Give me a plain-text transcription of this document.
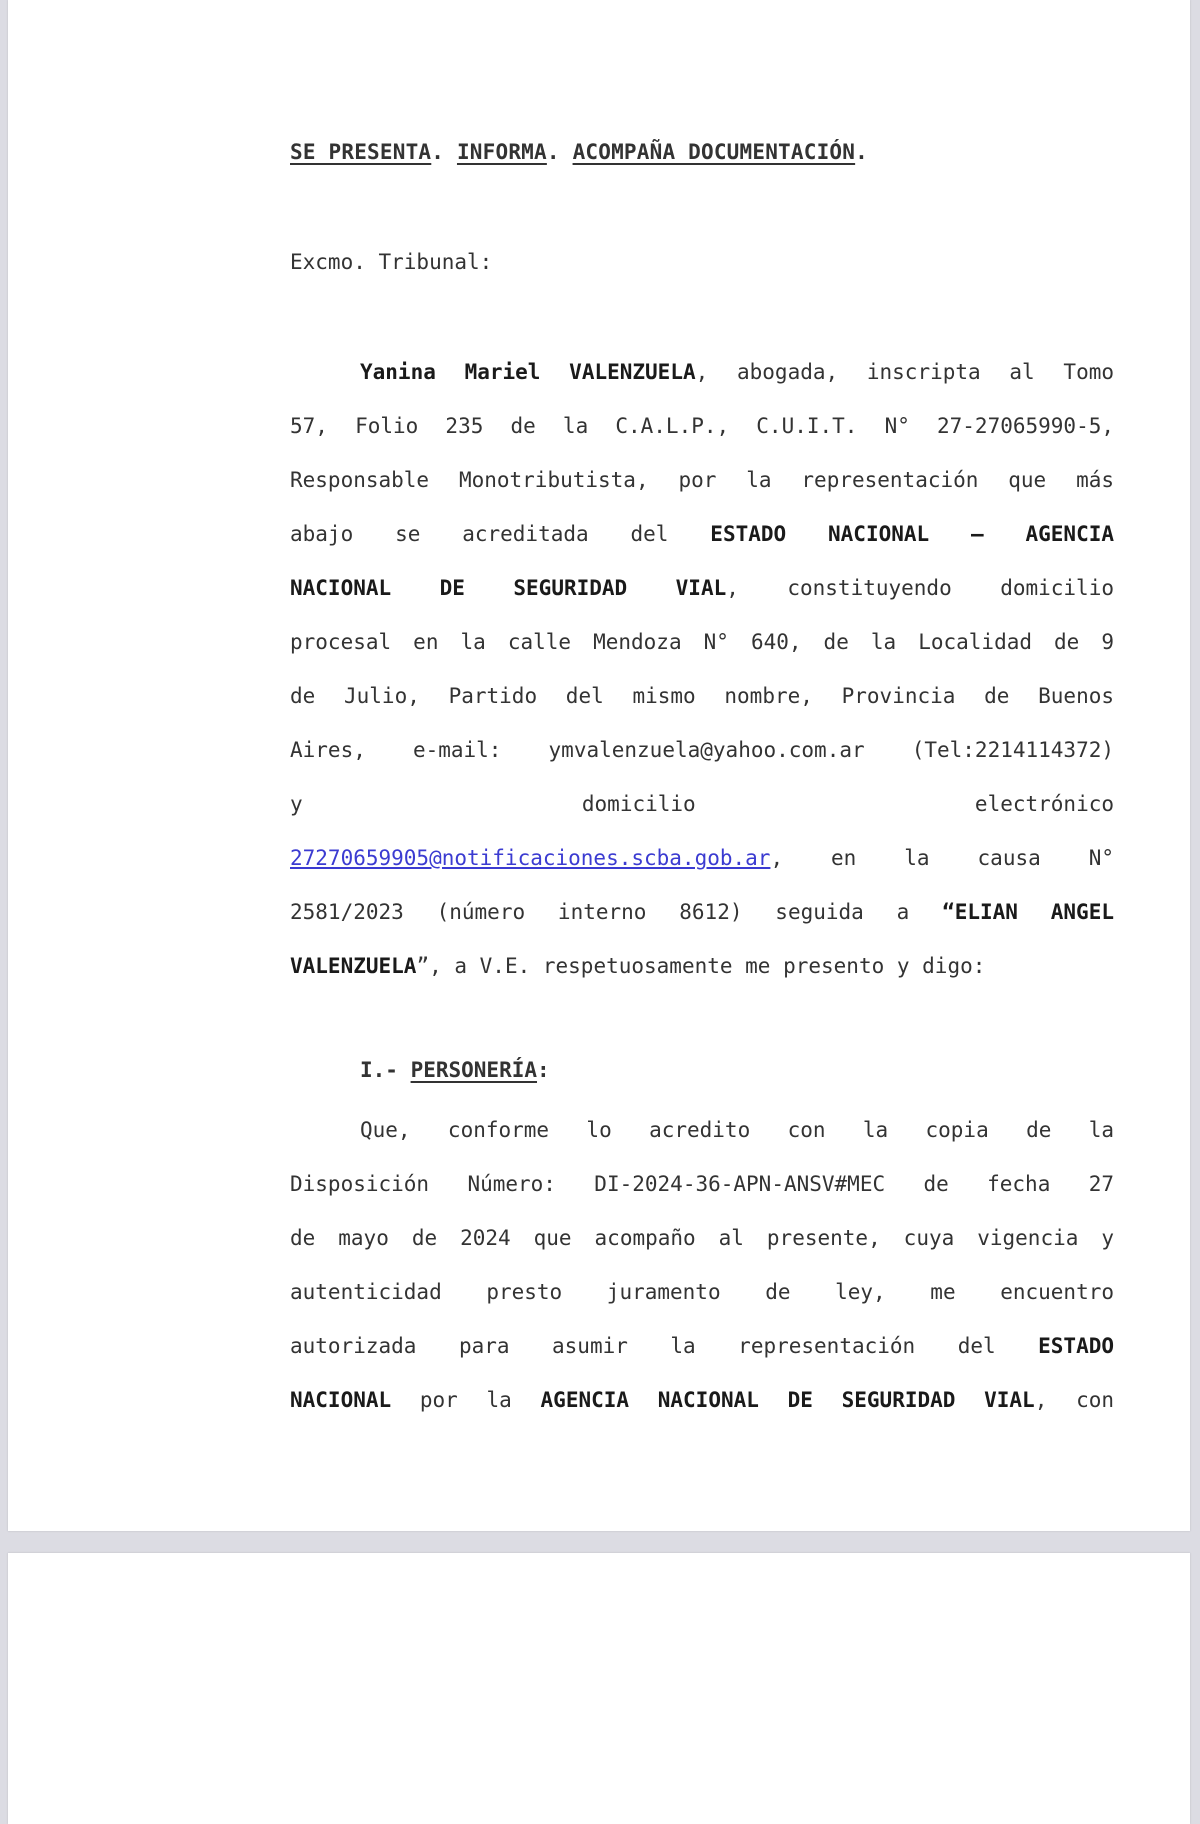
SE PRESENTA. INFORMA. ACOMPAÑA DOCUMENTACIÓN.
Excmo. Tribunal:
Yanina Mariel VALENZUELA, abogada, inscripta al Tomo
57, Folio 235 de la C.A.L.P., C.U.I.T. N° 27-27065990-5,
Responsable Monotributista, por la representación que más
abajo se acreditada del ESTADO NACIONAL – AGENCIA
NACIONAL DE SEGURIDAD VIAL, constituyendo domicilio
procesal en la calle Mendoza N° 640, de la Localidad de 9
de Julio, Partido del mismo nombre, Provincia de Buenos
Aires, e-mail: ymvalenzuela@yahoo.com.ar (Tel:2214114372)
y	domicilio	electrónico
27270659905@notificaciones.scba.gob.ar, en la causa N°
2581/2023 (número interno 8612) seguida a “ELIAN ANGEL
VALENZUELA”, a V.E. respetuosamente me presento y digo:
I.- PERSONERÍA:
Que, conforme lo acredito con la copia de la
Disposición Número: DI-2024-36-APN-ANSV#MEC de fecha 27
de mayo de 2024 que acompaño al presente, cuya vigencia y
autenticidad presto juramento de ley, me encuentro
autorizada para asumir la representación del ESTADO
NACIONAL por la AGENCIA NACIONAL DE SEGURIDAD VIAL, con
